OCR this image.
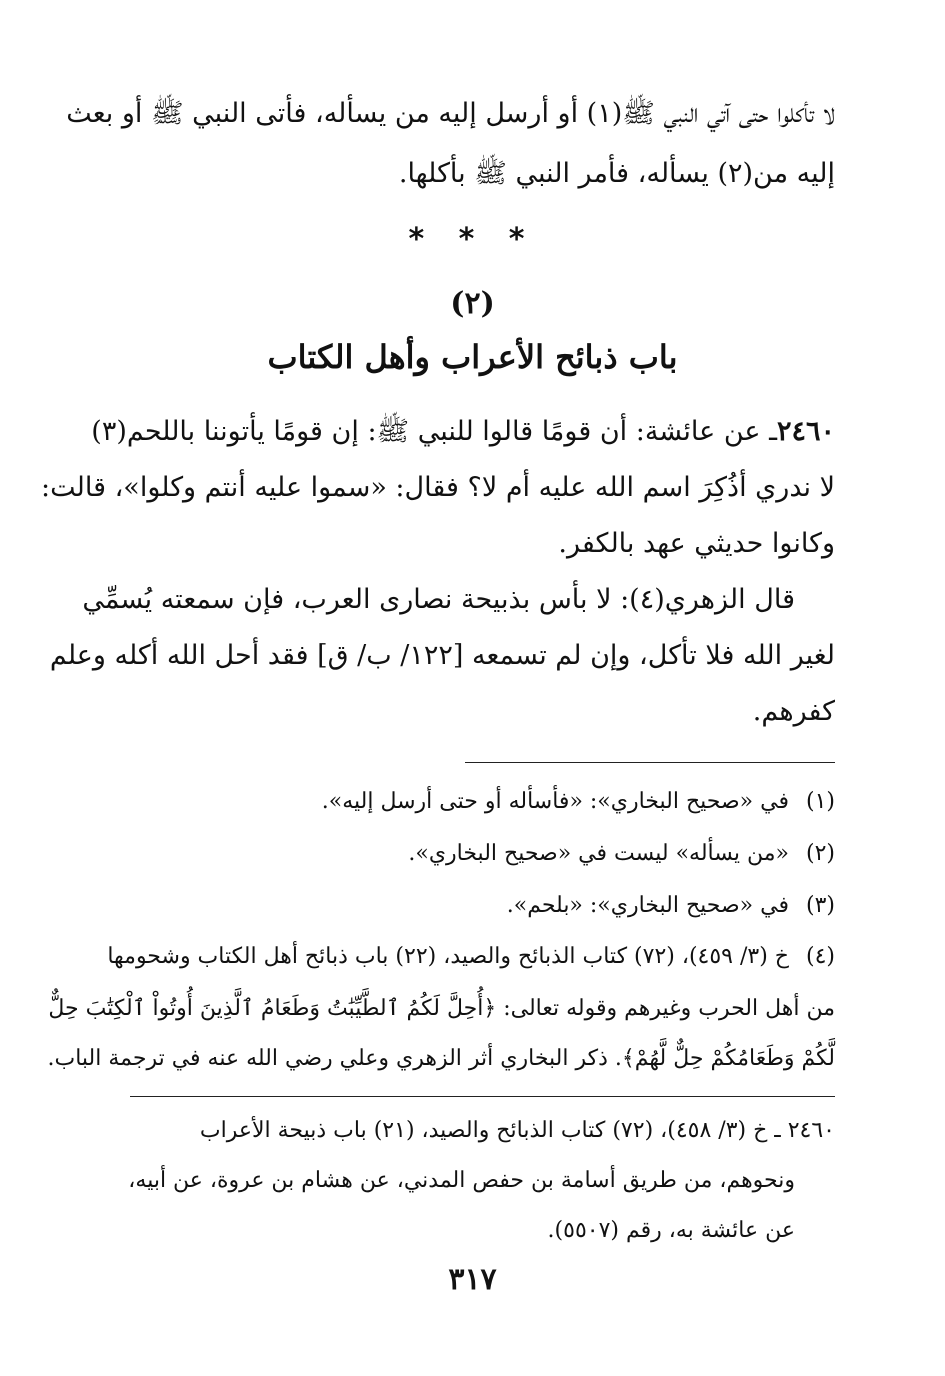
لا تأكلوا حتى آتي النبي ﷺ(١) أو أرسل إليه من يسأله، فأتى النبي ﷺ أو بعث
إليه من(٢) يسأله، فأمر النبي ﷺ بأكلها.
* * *
(٢)
باب ذبائح الأعراب وأهل الكتاب
٢٤٦٠ـ عن عائشة: أن قومًا قالوا للنبي ﷺ: إن قومًا يأتوننا باللحم(٣)
لا ندري أذُكِرَ اسم الله عليه أم لا؟ فقال: «سموا عليه أنتم وكلوا»، قالت:
وكانوا حديثي عهد بالكفر.
قال الزهري(٤): لا بأس بذبيحة نصارى العرب، فإن سمعته يُسمِّي
لغير الله فلا تأكل، وإن لم تسمعه [١٢٢/ ب/ ق] فقد أحل الله أكله وعلم
كفرهم.
(١)في «صحيح البخاري»: «فأسأله أو حتى أرسل إليه».
(٢)«من يسأله» ليست في «صحيح البخاري».
(٣)في «صحيح البخاري»: «بلحم».
(٤)خ (٣/ ٤٥٩)، (٧٢) كتاب الذبائح والصيد، (٢٢) باب ذبائح أهل الكتاب وشحومها
من أهل الحرب وغيرهم وقوله تعالى: ﴿أُحِلَّ لَكُمُ ٱلطَّيِّبَٰتُ وَطَعَامُ ٱلَّذِينَ أُوتُواْ ٱلْكِتَٰبَ حِلٌّ
لَّكُمْ وَطَعَامُكُمْ حِلٌّ لَّهُمْ﴾. ذكر البخاري أثر الزهري وعلي رضي الله عنه في ترجمة الباب.
٢٤٦٠ ـ خ (٣/ ٤٥٨)، (٧٢) كتاب الذبائح والصيد، (٢١) باب ذبيحة الأعراب
ونحوهم، من طريق أسامة بن حفص المدني، عن هشام بن عروة، عن أبيه،
عن عائشة به، رقم (٥٥٠٧).
٣١٧
